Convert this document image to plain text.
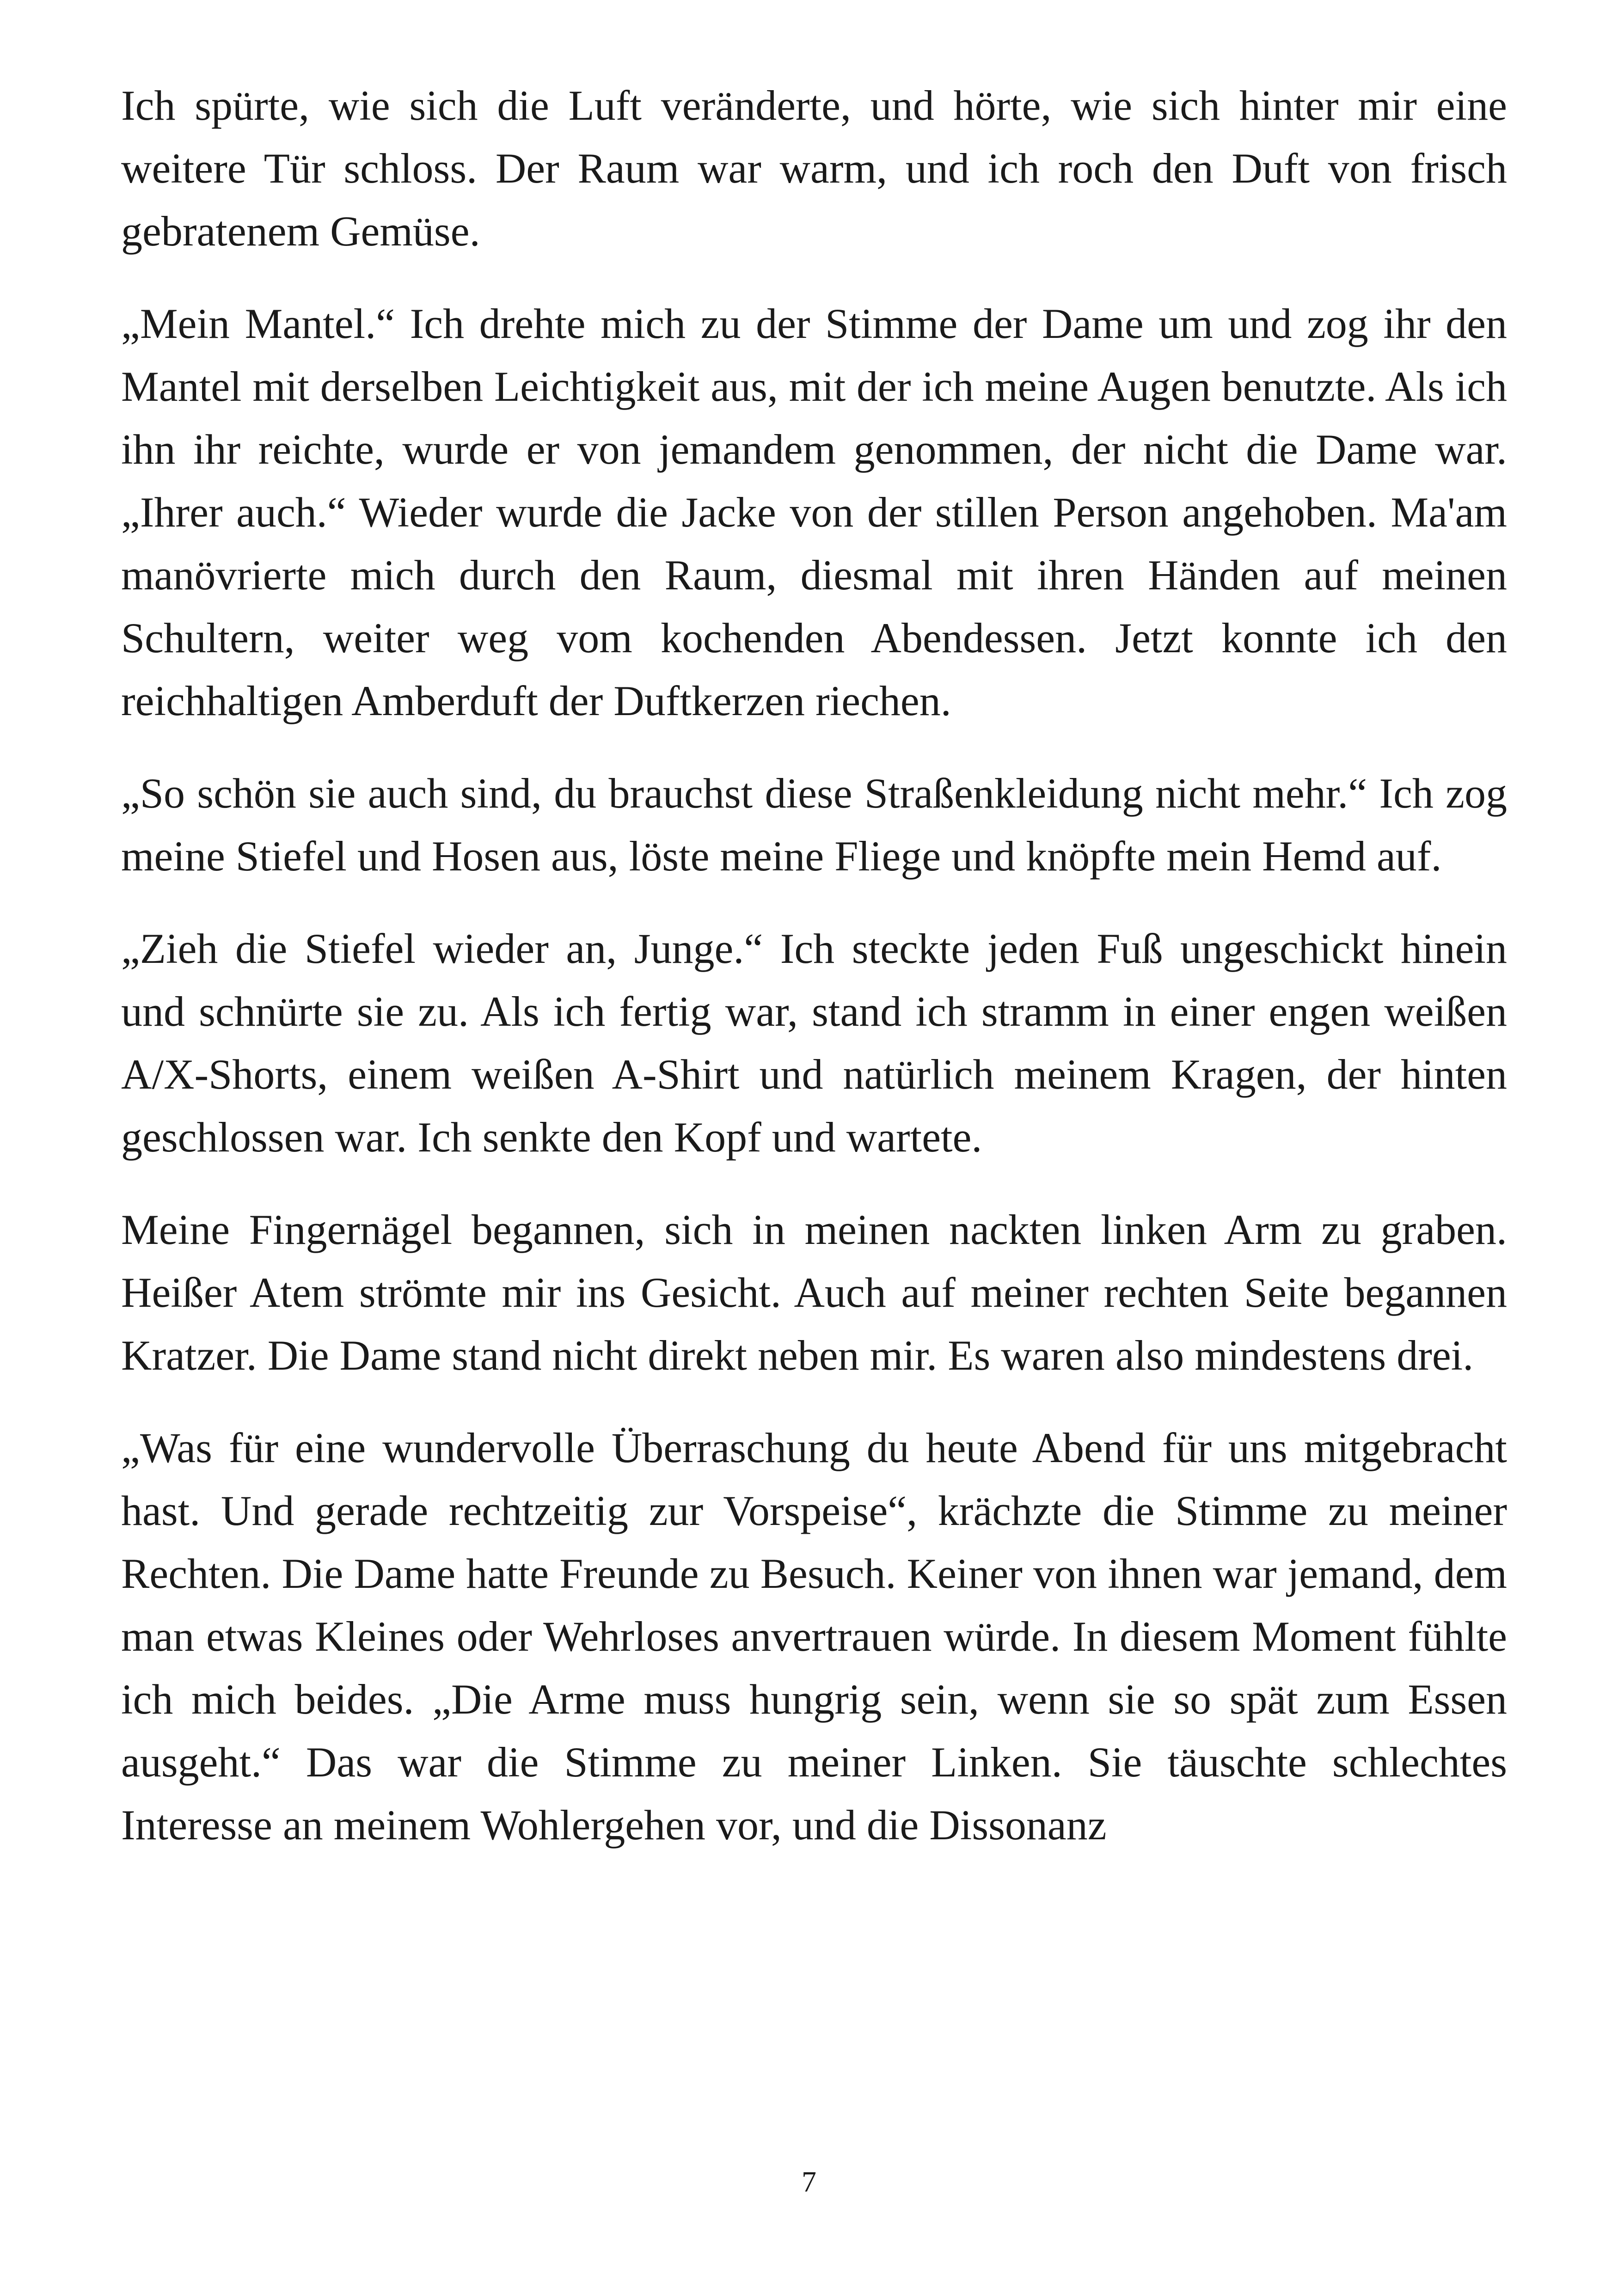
Ich spürte, wie sich die Luft veränderte, und hörte, wie sich hinter mir eine weitere Tür schloss. Der Raum war warm, und ich roch den Duft von frisch gebratenem Gemüse.

„Mein Mantel.“ Ich drehte mich zu der Stimme der Dame um und zog ihr den Mantel mit derselben Leichtigkeit aus, mit der ich meine Augen benutzte. Als ich ihn ihr reichte, wurde er von jemandem genommen, der nicht die Dame war. „Ihrer auch.“ Wieder wurde die Jacke von der stillen Person angehoben. Ma'am manövrierte mich durch den Raum, diesmal mit ihren Händen auf meinen Schultern, weiter weg vom kochenden Abendessen. Jetzt konnte ich den reichhaltigen Amberduft der Duftkerzen riechen.

„So schön sie auch sind, du brauchst diese Straßenkleidung nicht mehr.“ Ich zog meine Stiefel und Hosen aus, löste meine Fliege und knöpfte mein Hemd auf.

„Zieh die Stiefel wieder an, Junge.“ Ich steckte jeden Fuß ungeschickt hinein und schnürte sie zu. Als ich fertig war, stand ich stramm in einer engen weißen A/X-Shorts, einem weißen A-Shirt und natürlich meinem Kragen, der hinten geschlossen war. Ich senkte den Kopf und wartete.

Meine Fingernägel begannen, sich in meinen nackten linken Arm zu graben. Heißer Atem strömte mir ins Gesicht. Auch auf meiner rechten Seite begannen Kratzer. Die Dame stand nicht direkt neben mir. Es waren also mindestens drei.

„Was für eine wundervolle Überraschung du heute Abend für uns mitgebracht hast. Und gerade rechtzeitig zur Vorspeise“, krächzte die Stimme zu meiner Rechten. Die Dame hatte Freunde zu Besuch. Keiner von ihnen war jemand, dem man etwas Kleines oder Wehrloses anvertrauen würde. In diesem Moment fühlte ich mich beides. „Die Arme muss hungrig sein, wenn sie so spät zum Essen ausgeht.“ Das war die Stimme zu meiner Linken. Sie täuschte schlechtes Interesse an meinem Wohlergehen vor, und die Dissonanz

7
